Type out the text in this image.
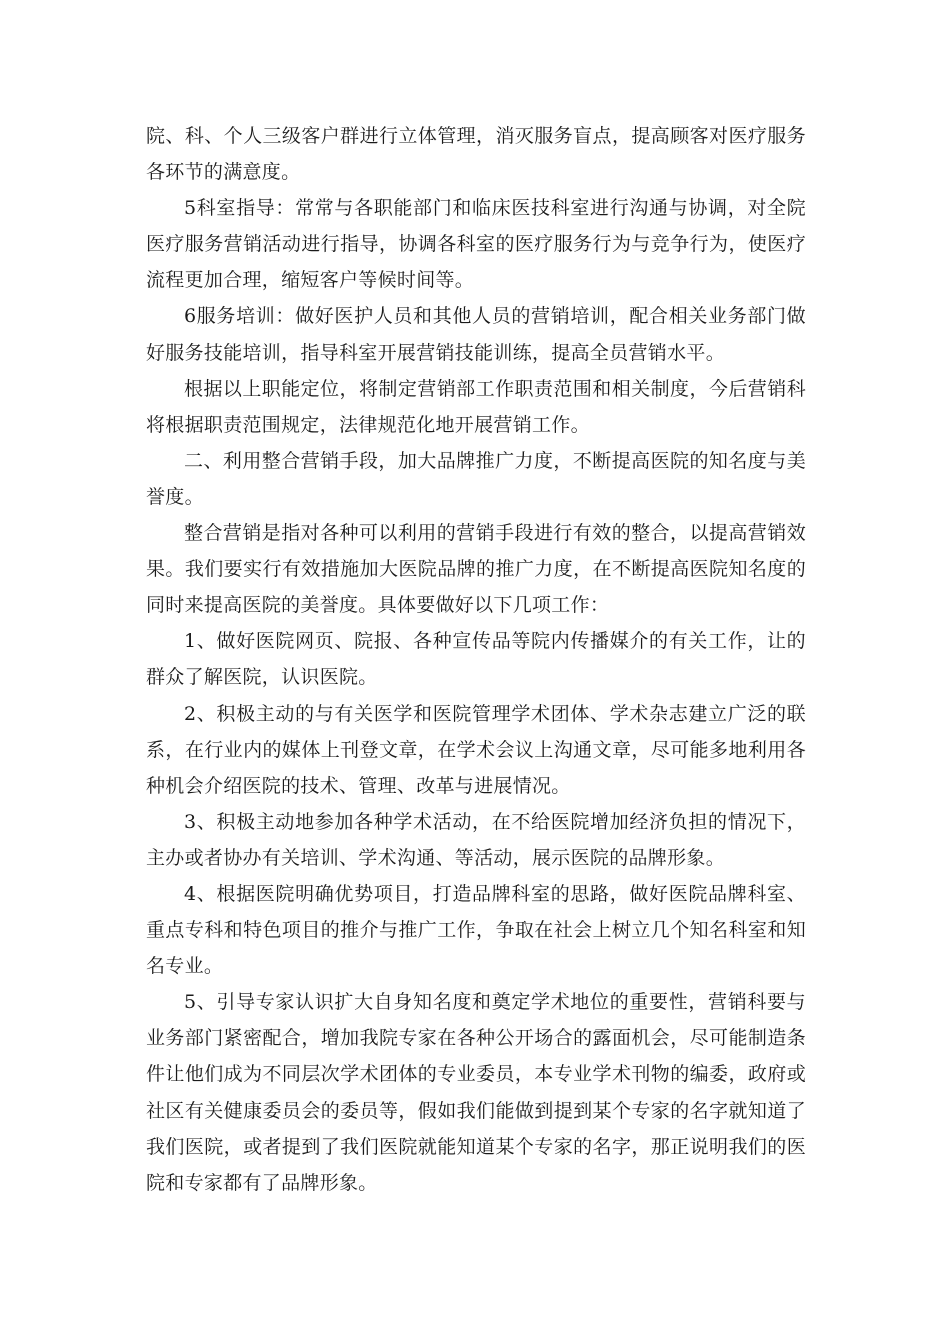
院、科、个人三级客户群进行立体管理，消灭服务盲点，提高顾客对医疗服务各环节的满意度。

5科室指导：常常与各职能部门和临床医技科室进行沟通与协调，对全院医疗服务营销活动进行指导，协调各科室的医疗服务行为与竞争行为，使医疗流程更加合理，缩短客户等候时间等。

6服务培训：做好医护人员和其他人员的营销培训，配合相关业务部门做好服务技能培训，指导科室开展营销技能训练，提高全员营销水平。

根据以上职能定位，将制定营销部工作职责范围和相关制度，今后营销科将根据职责范围规定，法律规范化地开展营销工作。

二、利用整合营销手段，加大品牌推广力度，不断提高医院的知名度与美誉度。

整合营销是指对各种可以利用的营销手段进行有效的整合，以提高营销效果。我们要实行有效措施加大医院品牌的推广力度，在不断提高医院知名度的同时来提高医院的美誉度。具体要做好以下几项工作：

1、做好医院网页、院报、各种宣传品等院内传播媒介的有关工作，让的群众了解医院，认识医院。

2、积极主动的与有关医学和医院管理学术团体、学术杂志建立广泛的联系，在行业内的媒体上刊登文章，在学术会议上沟通文章，尽可能多地利用各种机会介绍医院的技术、管理、改革与进展情况。

3、积极主动地参加各种学术活动，在不给医院增加经济负担的情况下，主办或者协办有关培训、学术沟通、等活动，展示医院的品牌形象。

4、根据医院明确优势项目，打造品牌科室的思路，做好医院品牌科室、重点专科和特色项目的推介与推广工作，争取在社会上树立几个知名科室和知名专业。

5、引导专家认识扩大自身知名度和奠定学术地位的重要性，营销科要与业务部门紧密配合，增加我院专家在各种公开场合的露面机会，尽可能制造条件让他们成为不同层次学术团体的专业委员，本专业学术刊物的编委，政府或社区有关健康委员会的委员等，假如我们能做到提到某个专家的名字就知道了我们医院，或者提到了我们医院就能知道某个专家的名字，那正说明我们的医院和专家都有了品牌形象。
